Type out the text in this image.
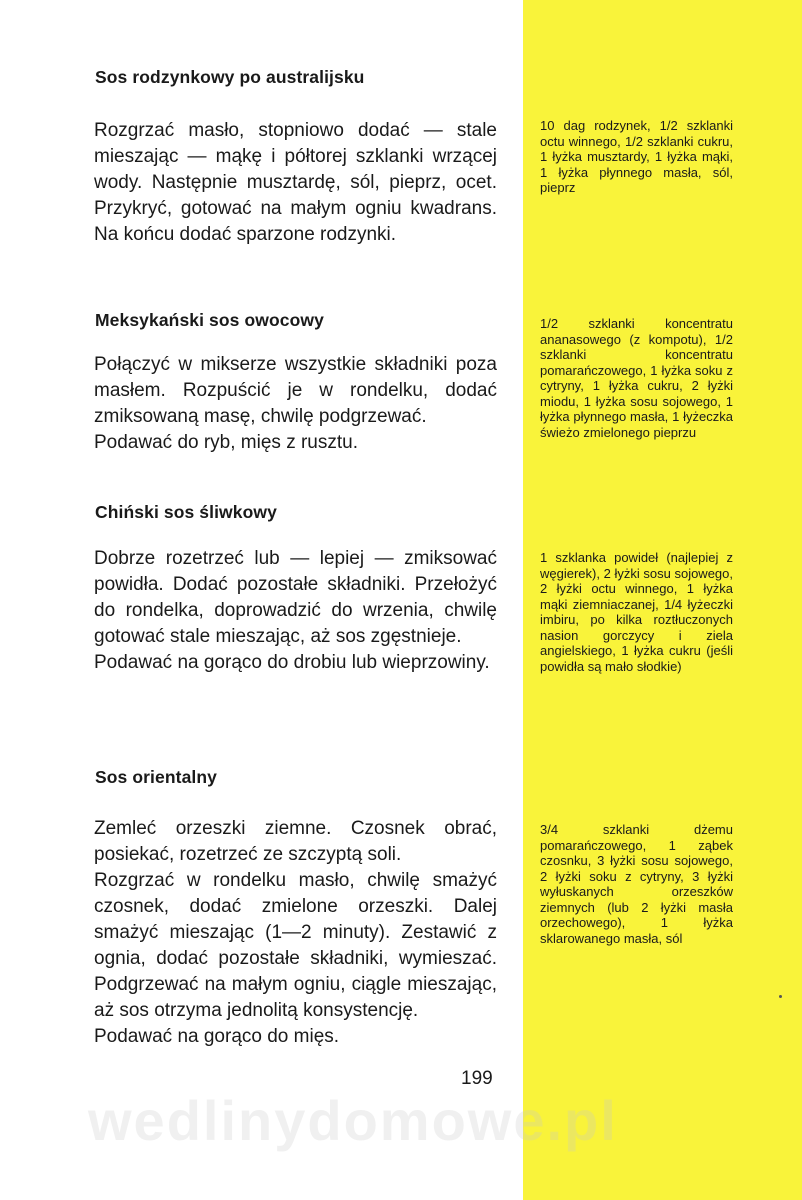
Sos rodzynkowy po australijsku

Rozgrzać masło, stopniowo dodać — stale mieszając — mąkę i półtorej szklanki wrzącej wody. Następnie musztardę, sól, pieprz, ocet. Przykryć, gotować na małym ogniu kwadrans. Na końcu dodać sparzone rodzynki.

10 dag rodzynek, 1/2 szklanki octu winnego, 1/2 szklanki cukru, 1 łyżka musztardy, 1 łyżka mąki, 1 łyżka płynnego masła, sól, pieprz
Meksykański sos owocowy

Połączyć w mikserze wszystkie składniki poza masłem. Rozpuścić je w rondelku, dodać zmiksowaną masę, chwilę podgrzewać.

Podawać do ryb, mięs z rusztu.

1/2 szklanki koncentratu ananasowego (z kompotu), 1/2 szklanki koncentratu pomarańczowego, 1 łyżka soku z cytryny, 1 łyżka cukru, 2 łyżki miodu, 1 łyżka sosu sojowego, 1 łyżka płynnego masła, 1 łyżeczka świeżo zmielonego pieprzu
Chiński sos śliwkowy

Dobrze rozetrzeć lub — lepiej — zmiksować powidła. Dodać pozostałe składniki. Przełożyć do rondelka, doprowadzić do wrzenia, chwilę gotować stale mieszając, aż sos zgęstnieje.

Podawać na gorąco do drobiu lub wieprzowiny.

1 szklanka powideł (najlepiej z węgierek), 2 łyżki sosu sojowego, 2 łyżki octu winnego, 1 łyżka mąki ziemniaczanej, 1/4 łyżeczki imbiru, po kilka roztłuczonych nasion gorczycy i ziela angielskiego, 1 łyżka cukru (jeśli powidła są mało słodkie)
Sos orientalny

Zemleć orzeszki ziemne. Czosnek obrać, posiekać, rozetrzeć ze szczyptą soli.

Rozgrzać w rondelku masło, chwilę smażyć czosnek, dodać zmielone orzeszki. Dalej smażyć mieszając (1—2 minuty). Zestawić z ognia, dodać pozostałe składniki, wymieszać. Podgrzewać na małym ogniu, ciągle mieszając, aż sos otrzyma jednolitą konsystencję.

Podawać na gorąco do mięs.

3/4 szklanki dżemu pomarańczowego, 1 ząbek czosnku, 3 łyżki sosu sojowego, 2 łyżki soku z cytryny, 3 łyżki wyłuskanych orzeszków ziemnych (lub 2 łyżki masła orzechowego), 1 łyżka sklarowanego masła, sól
199
wedlinydomowe.pl
